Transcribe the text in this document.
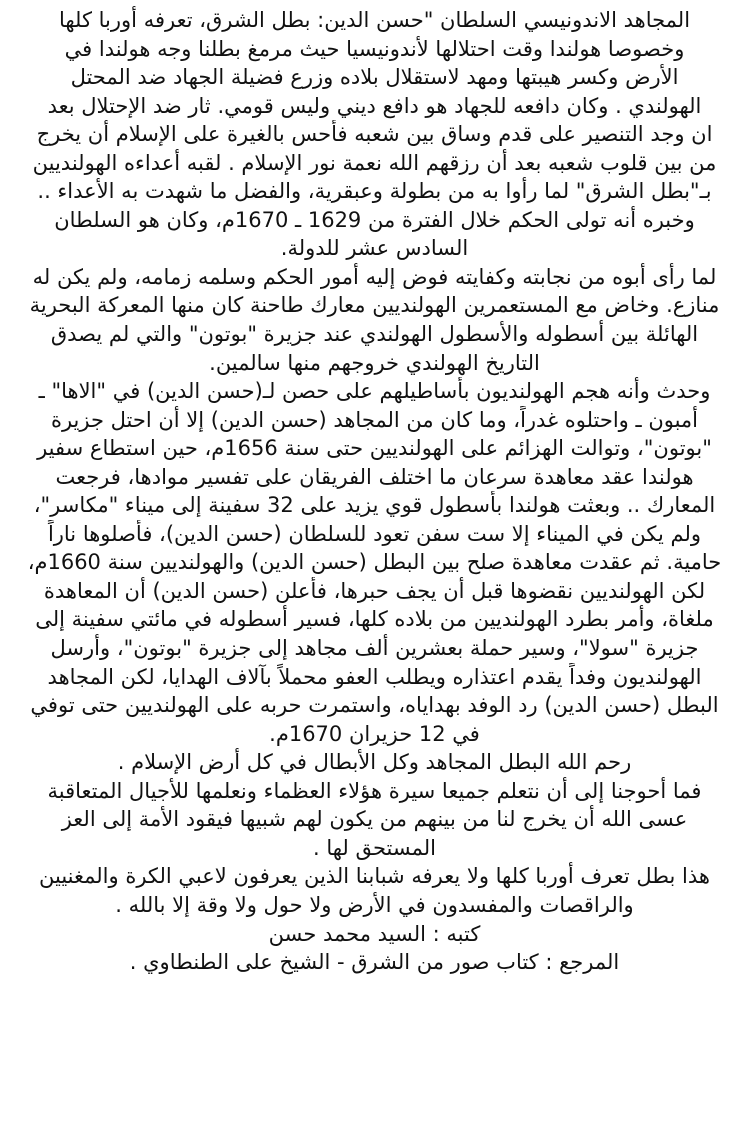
المجاهد الاندونيسي السلطان "حسن الدين: بطل الشرق، تعرفه أوربا كلها
وخصوصا هولندا وقت احتلالها لأندونيسيا حيث مرمغ بطلنا وجه هولندا في
الأرض وكسر هيبتها ومهد لاستقلال بلاده وزرع فضيلة الجهاد ضد المحتل
الهولندي . وكان دافعه للجهاد هو دافع ديني وليس قومي. ثار ضد الإحتلال بعد
ان وجد التنصير على قدم وساق بين شعبه فأحس بالغيرة على الإسلام أن يخرج
من بين قلوب شعبه بعد أن رزقهم الله نعمة نور الإسلام . لقبه أعداءه الهولنديين
بـ"بطل الشرق" لما رأوا به من بطولة وعبقرية، والفضل ما شهدت به الأعداء ..
وخبره أنه تولى الحكم خلال الفترة من 1629 ـ 1670م، وكان هو السلطان
السادس عشر للدولة.
لما رأى أبوه من نجابته وكفايته فوض إليه أمور الحكم وسلمه زمامه، ولم يكن له
منازع. وخاض مع المستعمرين الهولنديين معارك طاحنة كان منها المعركة البحرية
الهائلة بين أسطوله والأسطول الهولندي عند جزيرة "بوتون" والتي لم يصدق
التاريخ الهولندي خروجهم منها سالمين.
وحدث وأنه هجم الهولنديون بأساطيلهم على حصن لـ(حسن الدين) في "الاها" ـ
أمبون ـ واحتلوه غدراً، وما كان من المجاهد (حسن الدين) إلا أن احتل جزيرة
"بوتون"، وتوالت الهزائم على الهولنديين حتى سنة 1656م، حين استطاع سفير
هولندا عقد معاهدة سرعان ما اختلف الفريقان على تفسير موادها، فرجعت
المعارك .. وبعثت هولندا بأسطول قوي يزيد على 32 سفينة إلى ميناء "مكاسر"،
ولم يكن في الميناء إلا ست سفن تعود للسلطان (حسن الدين)، فأصلوها ناراً
حامية. ثم عقدت معاهدة صلح بين البطل (حسن الدين) والهولنديين سنة 1660م،
لكن الهولنديين نقضوها قبل أن يجف حبرها، فأعلن (حسن الدين) أن المعاهدة
ملغاة، وأمر بطرد الهولنديين من بلاده كلها، فسير أسطوله في مائتي سفينة إلى
جزيرة "سولا"، وسير حملة بعشرين ألف مجاهد إلى جزيرة "بوتون"، وأرسل
الهولنديون وفداً يقدم اعتذاره ويطلب العفو محملاً بآلاف الهدايا، لكن المجاهد
البطل (حسن الدين) رد الوفد بهداياه، واستمرت حربه على الهولنديين حتى توفي
في 12 حزيران 1670م.
رحم الله البطل المجاهد وكل الأبطال في كل أرض الإسلام .
فما أحوجنا إلى أن نتعلم جميعا سيرة هؤلاء العظماء ونعلمها للأجيال المتعاقبة
عسى الله أن يخرج لنا من بينهم من يكون لهم شبيها فيقود الأمة إلى العز
المستحق لها .
هذا بطل تعرف أوربا كلها ولا يعرفه شبابنا الذين يعرفون لاعبي الكرة والمغنيين
والراقصات والمفسدون في الأرض ولا حول ولا وقة إلا بالله .
كتبه : السيد محمد حسن
المرجع : كتاب صور من الشرق - الشيخ على الطنطاوي .
